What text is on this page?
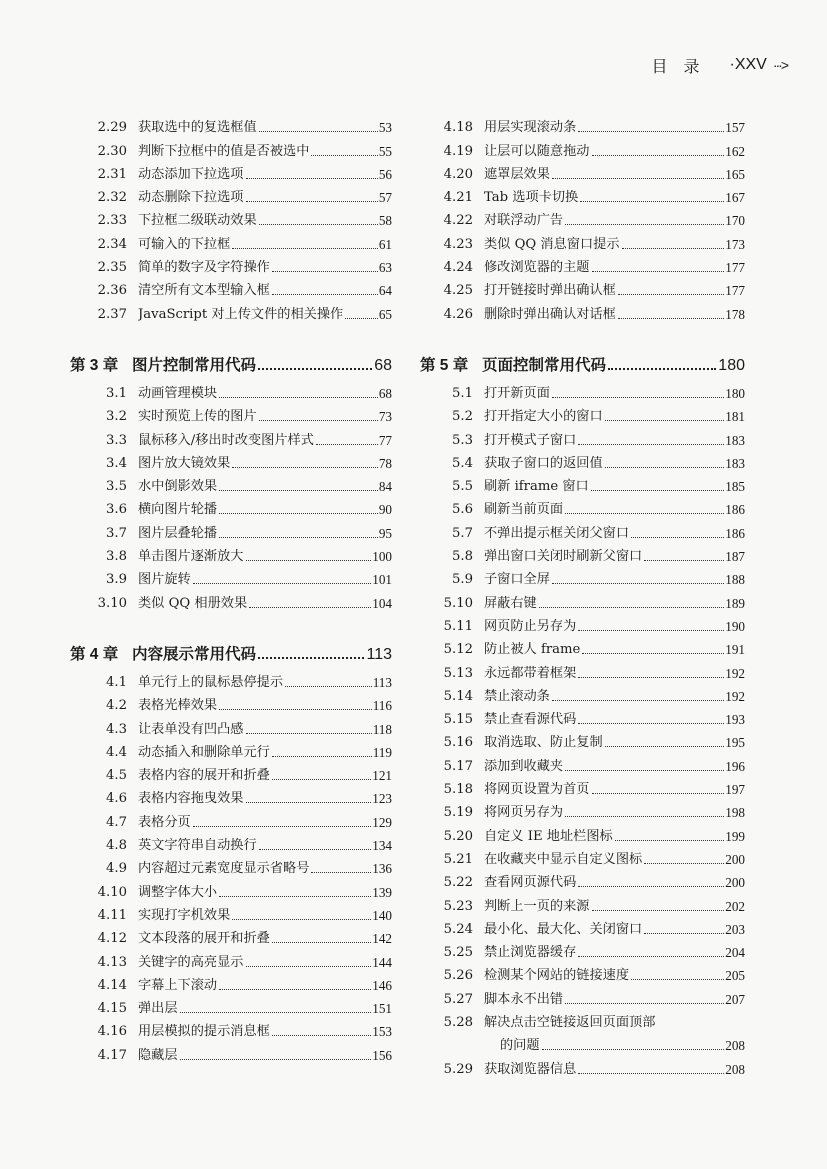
目　录 · XXV ···>
2.29 获取选中的复选框值	53
2.30 判断下拉框中的值是否被选中	55
2.31 动态添加下拉选项	56
2.32 动态删除下拉选项	57
2.33 下拉框二级联动效果	58
2.34 可输入的下拉框	61
2.35 简单的数字及字符操作	63
2.36 清空所有文本型输入框	64
2.37 JavaScript 对上传文件的相关操作	65
第 3 章 图片控制常用代码	68
3.1 动画管理模块	68
3.2 实时预览上传的图片	73
3.3 鼠标移入/移出时改变图片样式	77
3.4 图片放大镜效果	78
3.5 水中倒影效果	84
3.6 横向图片轮播	90
3.7 图片层叠轮播	95
3.8 单击图片逐渐放大	100
3.9 图片旋转	101
3.10 类似 QQ 相册效果	104
第 4 章 内容展示常用代码	113
4.1 单元行上的鼠标悬停提示	113
4.2 表格光棒效果	116
4.3 让表单没有凹凸感	118
4.4 动态插入和删除单元行	119
4.5 表格内容的展开和折叠	121
4.6 表格内容拖曳效果	123
4.7 表格分页	129
4.8 英文字符串自动换行	134
4.9 内容超过元素宽度显示省略号	136
4.10 调整字体大小	139
4.11 实现打字机效果	140
4.12 文本段落的展开和折叠	142
4.13 关键字的高亮显示	144
4.14 字幕上下滚动	146
4.15 弹出层	151
4.16 用层模拟的提示消息框	153
4.17 隐藏层	156
4.18 用层实现滚动条	157
4.19 让层可以随意拖动	162
4.20 遮罩层效果	165
4.21 Tab 选项卡切换	167
4.22 对联浮动广告	170
4.23 类似 QQ 消息窗口提示	173
4.24 修改浏览器的主题	177
4.25 打开链接时弹出确认框	177
4.26 删除时弹出确认对话框	178
第 5 章 页面控制常用代码	180
5.1 打开新页面	180
5.2 打开指定大小的窗口	181
5.3 打开模式子窗口	183
5.4 获取子窗口的返回值	183
5.5 刷新 iframe 窗口	185
5.6 刷新当前页面	186
5.7 不弹出提示框关闭父窗口	186
5.8 弹出窗口关闭时刷新父窗口	187
5.9 子窗口全屏	188
5.10 屏蔽右键	189
5.11 网页防止另存为	190
5.12 防止被人 frame	191
5.13 永远都带着框架	192
5.14 禁止滚动条	192
5.15 禁止查看源代码	193
5.16 取消选取、防止复制	195
5.17 添加到收藏夹	196
5.18 将网页设置为首页	197
5.19 将网页另存为	198
5.20 自定义 IE 地址栏图标	199
5.21 在收藏夹中显示自定义图标	200
5.22 查看网页源代码	200
5.23 判断上一页的来源	202
5.24 最小化、最大化、关闭窗口	203
5.25 禁止浏览器缓存	204
5.26 检测某个网站的链接速度	205
5.27 脚本永不出错	207
5.28 解决点击空链接返回页面顶部
的问题	208
5.29 获取浏览器信息	208
